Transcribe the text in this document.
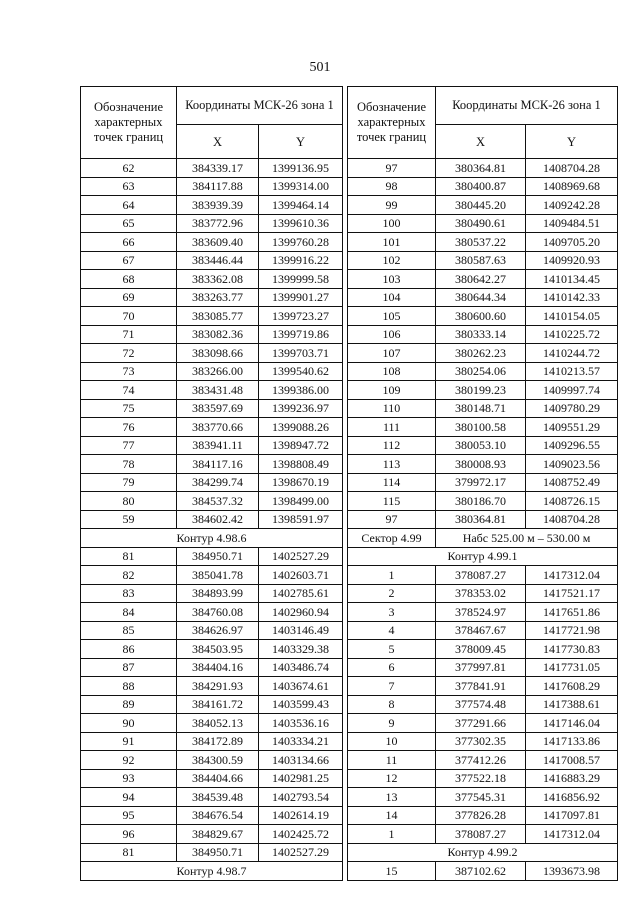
501
Обозначение характерных точек границ	Координаты МСК-26 зона 1	
	X	Y
62	384339.17	1399136.95
63	384117.88	1399314.00
64	383939.39	1399464.14
65	383772.96	1399610.36
66	383609.40	1399760.28
67	383446.44	1399916.22
68	383362.08	1399999.58
69	383263.77	1399901.27
70	383085.77	1399723.27
71	383082.36	1399719.86
72	383098.66	1399703.71
73	383266.00	1399540.62
74	383431.48	1399386.00
75	383597.69	1399236.97
76	383770.66	1399088.26
77	383941.11	1398947.72
78	384117.16	1398808.49
79	384299.74	1398670.19
80	384537.32	1398499.00
59	384602.42	1398591.97
Контур 4.98.6		
81	384950.71	1402527.29
82	385041.78	1402603.71
83	384893.99	1402785.61
84	384760.08	1402960.94
85	384626.97	1403146.49
86	384503.95	1403329.38
87	384404.16	1403486.74
88	384291.93	1403674.61
89	384161.72	1403599.43
90	384052.13	1403536.16
91	384172.89	1403334.21
92	384300.59	1403134.66
93	384404.66	1402981.25
94	384539.48	1402793.54
95	384676.54	1402614.19
96	384829.67	1402425.72
81	384950.71	1402527.29
Контур 4.98.7		
Обозначение характерных точек границ	Координаты МСК-26 зона 1	
	X	Y
97	380364.81	1408704.28
98	380400.87	1408969.68
99	380445.20	1409242.28
100	380490.61	1409484.51
101	380537.22	1409705.20
102	380587.63	1409920.93
103	380642.27	1410134.45
104	380644.34	1410142.33
105	380600.60	1410154.05
106	380333.14	1410225.72
107	380262.23	1410244.72
108	380254.06	1410213.57
109	380199.23	1409997.74
110	380148.71	1409780.29
111	380100.58	1409551.29
112	380053.10	1409296.55
113	380008.93	1409023.56
114	379972.17	1408752.49
115	380186.70	1408726.15
97	380364.81	1408704.28
Сектор 4.99	Набс 525.00 м – 530.00 м	
Контур 4.99.1		
1	378087.27	1417312.04
2	378353.02	1417521.17
3	378524.97	1417651.86
4	378467.67	1417721.98
5	378009.45	1417730.83
6	377997.81	1417731.05
7	377841.91	1417608.29
8	377574.48	1417388.61
9	377291.66	1417146.04
10	377302.35	1417133.86
11	377412.26	1417008.57
12	377522.18	1416883.29
13	377545.31	1416856.92
14	377826.28	1417097.81
1	378087.27	1417312.04
Контур 4.99.2		
15	387102.62	1393673.98
